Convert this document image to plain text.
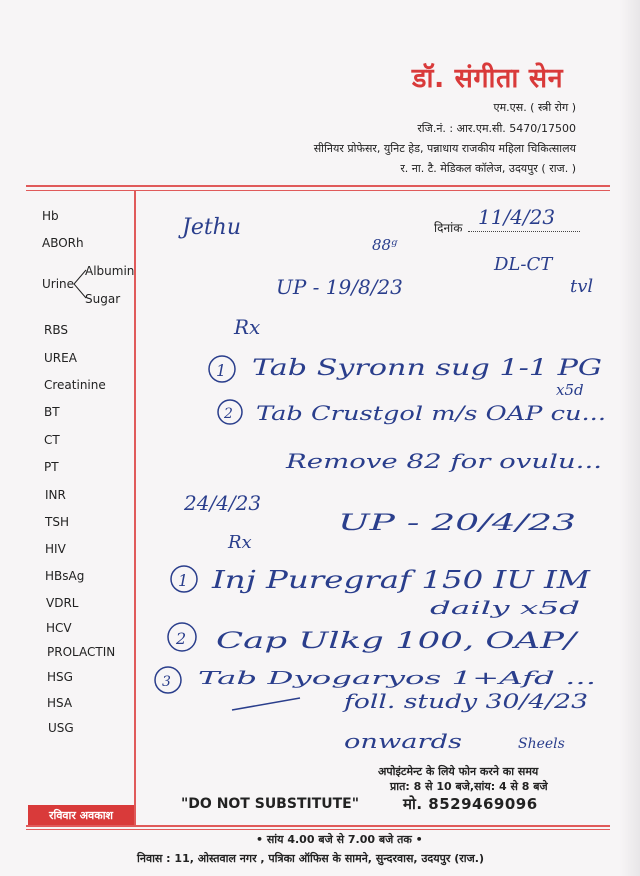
डॉ. संगीता सेन
एम.एस. ( स्त्री रोग )
रजि.नं. : आर.एम.सी. 5470/17500
सीनियर प्रोफेसर, युनिट हेड, पन्नाधाय राजकीय महिला चिकित्सालय
र. ना. टै. मेडिकल कॉलेज, उदयपुर ( राज. )
Hb
ABORh
Urine
Albumin
Sugar
RBS
UREA
Creatinine
BT
CT
PT
INR
TSH
HIV
HBsAg
VDRL
HCV
PROLACTIN
HSG
HSA
USG
दिनांक 11/4/23
Jethu
88ᵍ
DL-CT
UP - 19/8/23	tvl
Rx
1 Tab Syronn sug 1-1 PG
x5d
2 Tab Crustgol m/s OAP cu...
Remove 82 for ovulu...
24/4/23
UP - 20/4/23
Rx
1 Inj Puregraf 150 IU IM
daily x5d
2 Cap Ulkg 100, OAP/
3 Tab Dyogaryos 1+Afd ...
foll. study 30/4/23
onwards	Sheels
अपोइंटमेन्ट के लिये फोन करने का समय
प्रात: 8 से 10 बजे,सांय: 4 से 8 बजे
मो. 8529469096
"DO NOT SUBSTITUTE"
रविवार अवकाश
• सांय 4.00 बजे से 7.00 बजे तक •
निवास : 11, ओस्तवाल नगर , पत्रिका ऑफिस के सामने, सुन्दरवास, उदयपुर (राज.)
